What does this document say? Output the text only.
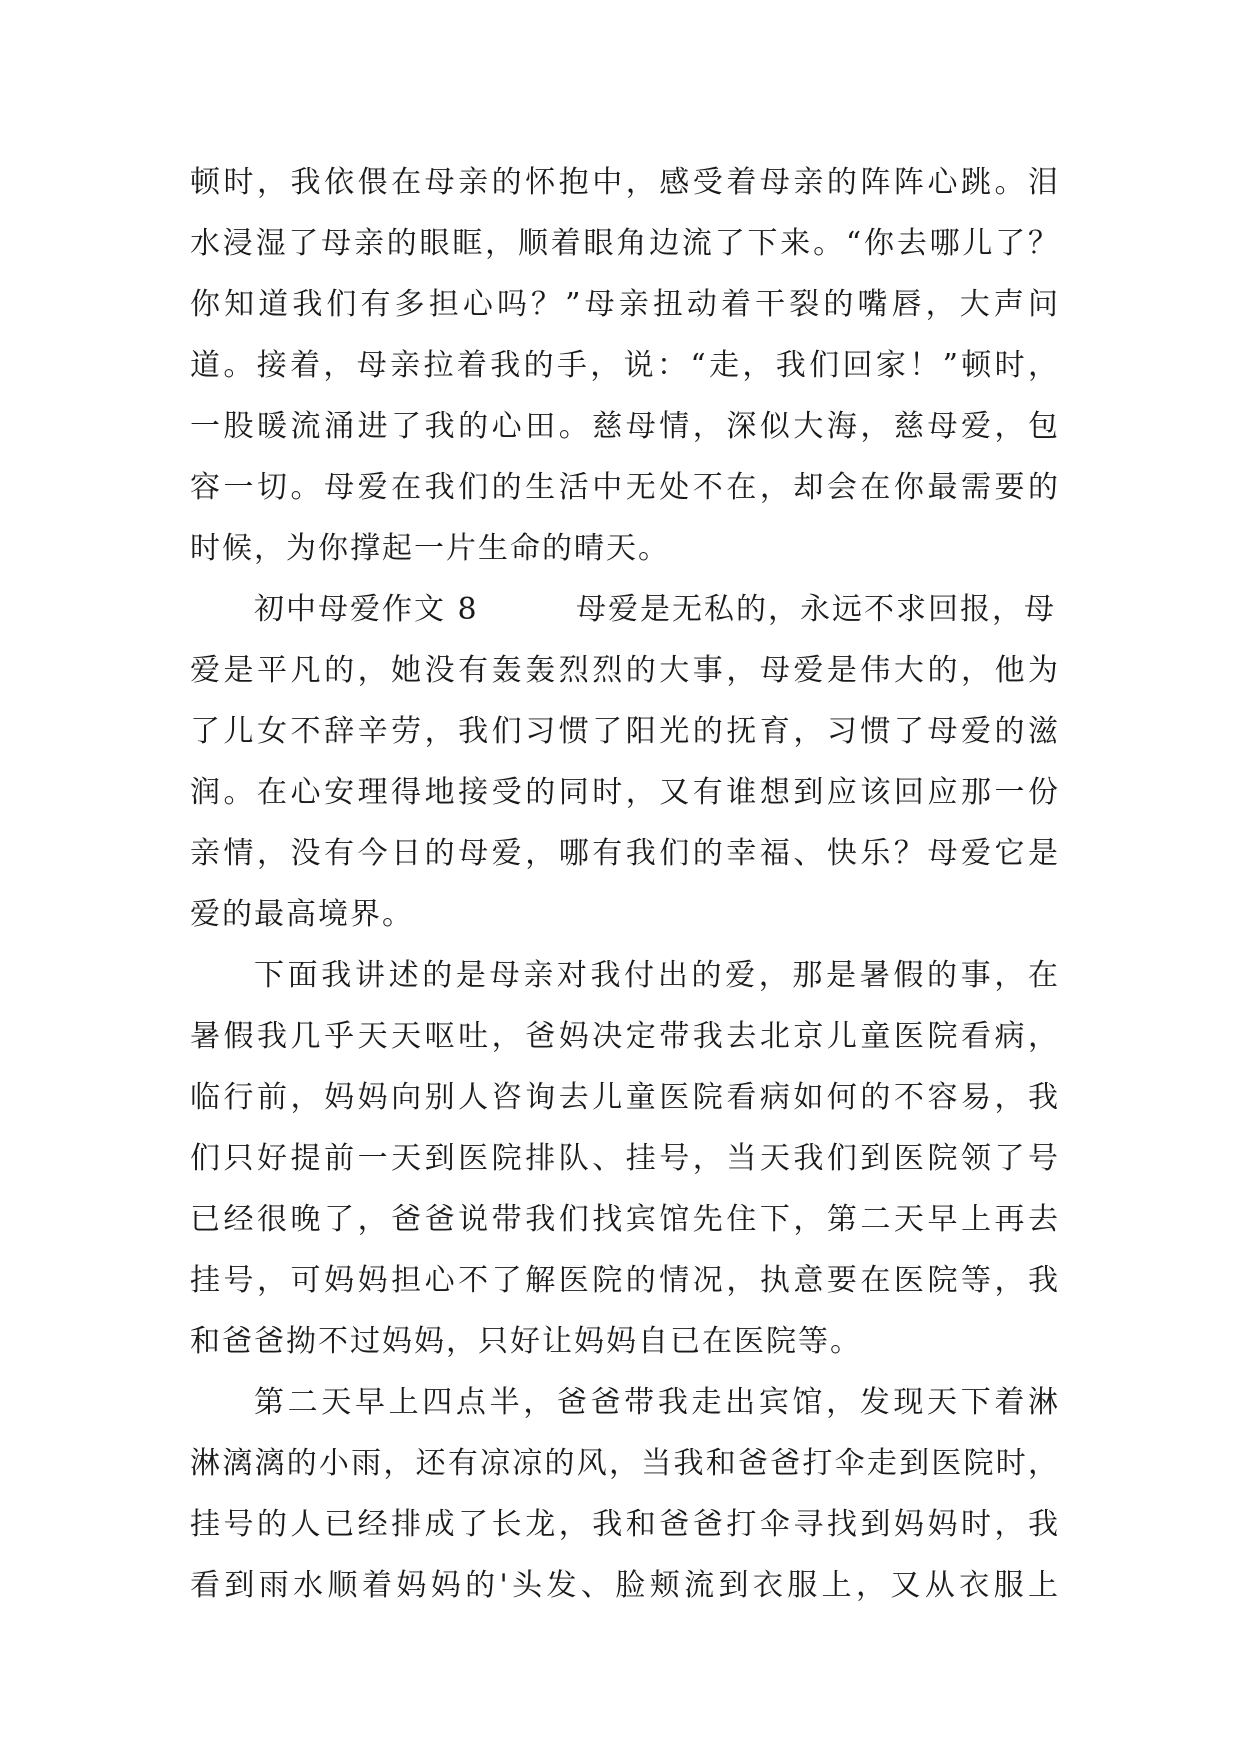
顿时，我依偎在母亲的怀抱中，感受着母亲的阵阵心跳。泪
水浸湿了母亲的眼眶，顺着眼角边流了下来。“你去哪儿了？
你知道我们有多担心吗？”母亲扭动着干裂的嘴唇，大声问
道。接着，母亲拉着我的手，说：“走，我们回家！”顿时，
一股暖流涌进了我的心田。慈母情，深似大海，慈母爱，包
容一切。母爱在我们的生活中无处不在，却会在你最需要的
时候，为你撑起一片生命的晴天。
初中母爱作文 8	母爱是无私的，永远不求回报，母
爱是平凡的，她没有轰轰烈烈的大事，母爱是伟大的，他为
了儿女不辞辛劳，我们习惯了阳光的抚育，习惯了母爱的滋
润。在心安理得地接受的同时，又有谁想到应该回应那一份
亲情，没有今日的母爱，哪有我们的幸福、快乐？母爱它是
爱的最高境界。
下面我讲述的是母亲对我付出的爱，那是暑假的事，在
暑假我几乎天天呕吐，爸妈决定带我去北京儿童医院看病，
临行前，妈妈向别人咨询去儿童医院看病如何的不容易，我
们只好提前一天到医院排队、挂号，当天我们到医院领了号
已经很晚了，爸爸说带我们找宾馆先住下，第二天早上再去
挂号，可妈妈担心不了解医院的情况，执意要在医院等，我
和爸爸拗不过妈妈，只好让妈妈自已在医院等。
第二天早上四点半，爸爸带我走出宾馆，发现天下着淋
淋漓漓的小雨，还有凉凉的风，当我和爸爸打伞走到医院时，
挂号的人已经排成了长龙，我和爸爸打伞寻找到妈妈时，我
看到雨水顺着妈妈的'头发、脸颊流到衣服上，又从衣服上
